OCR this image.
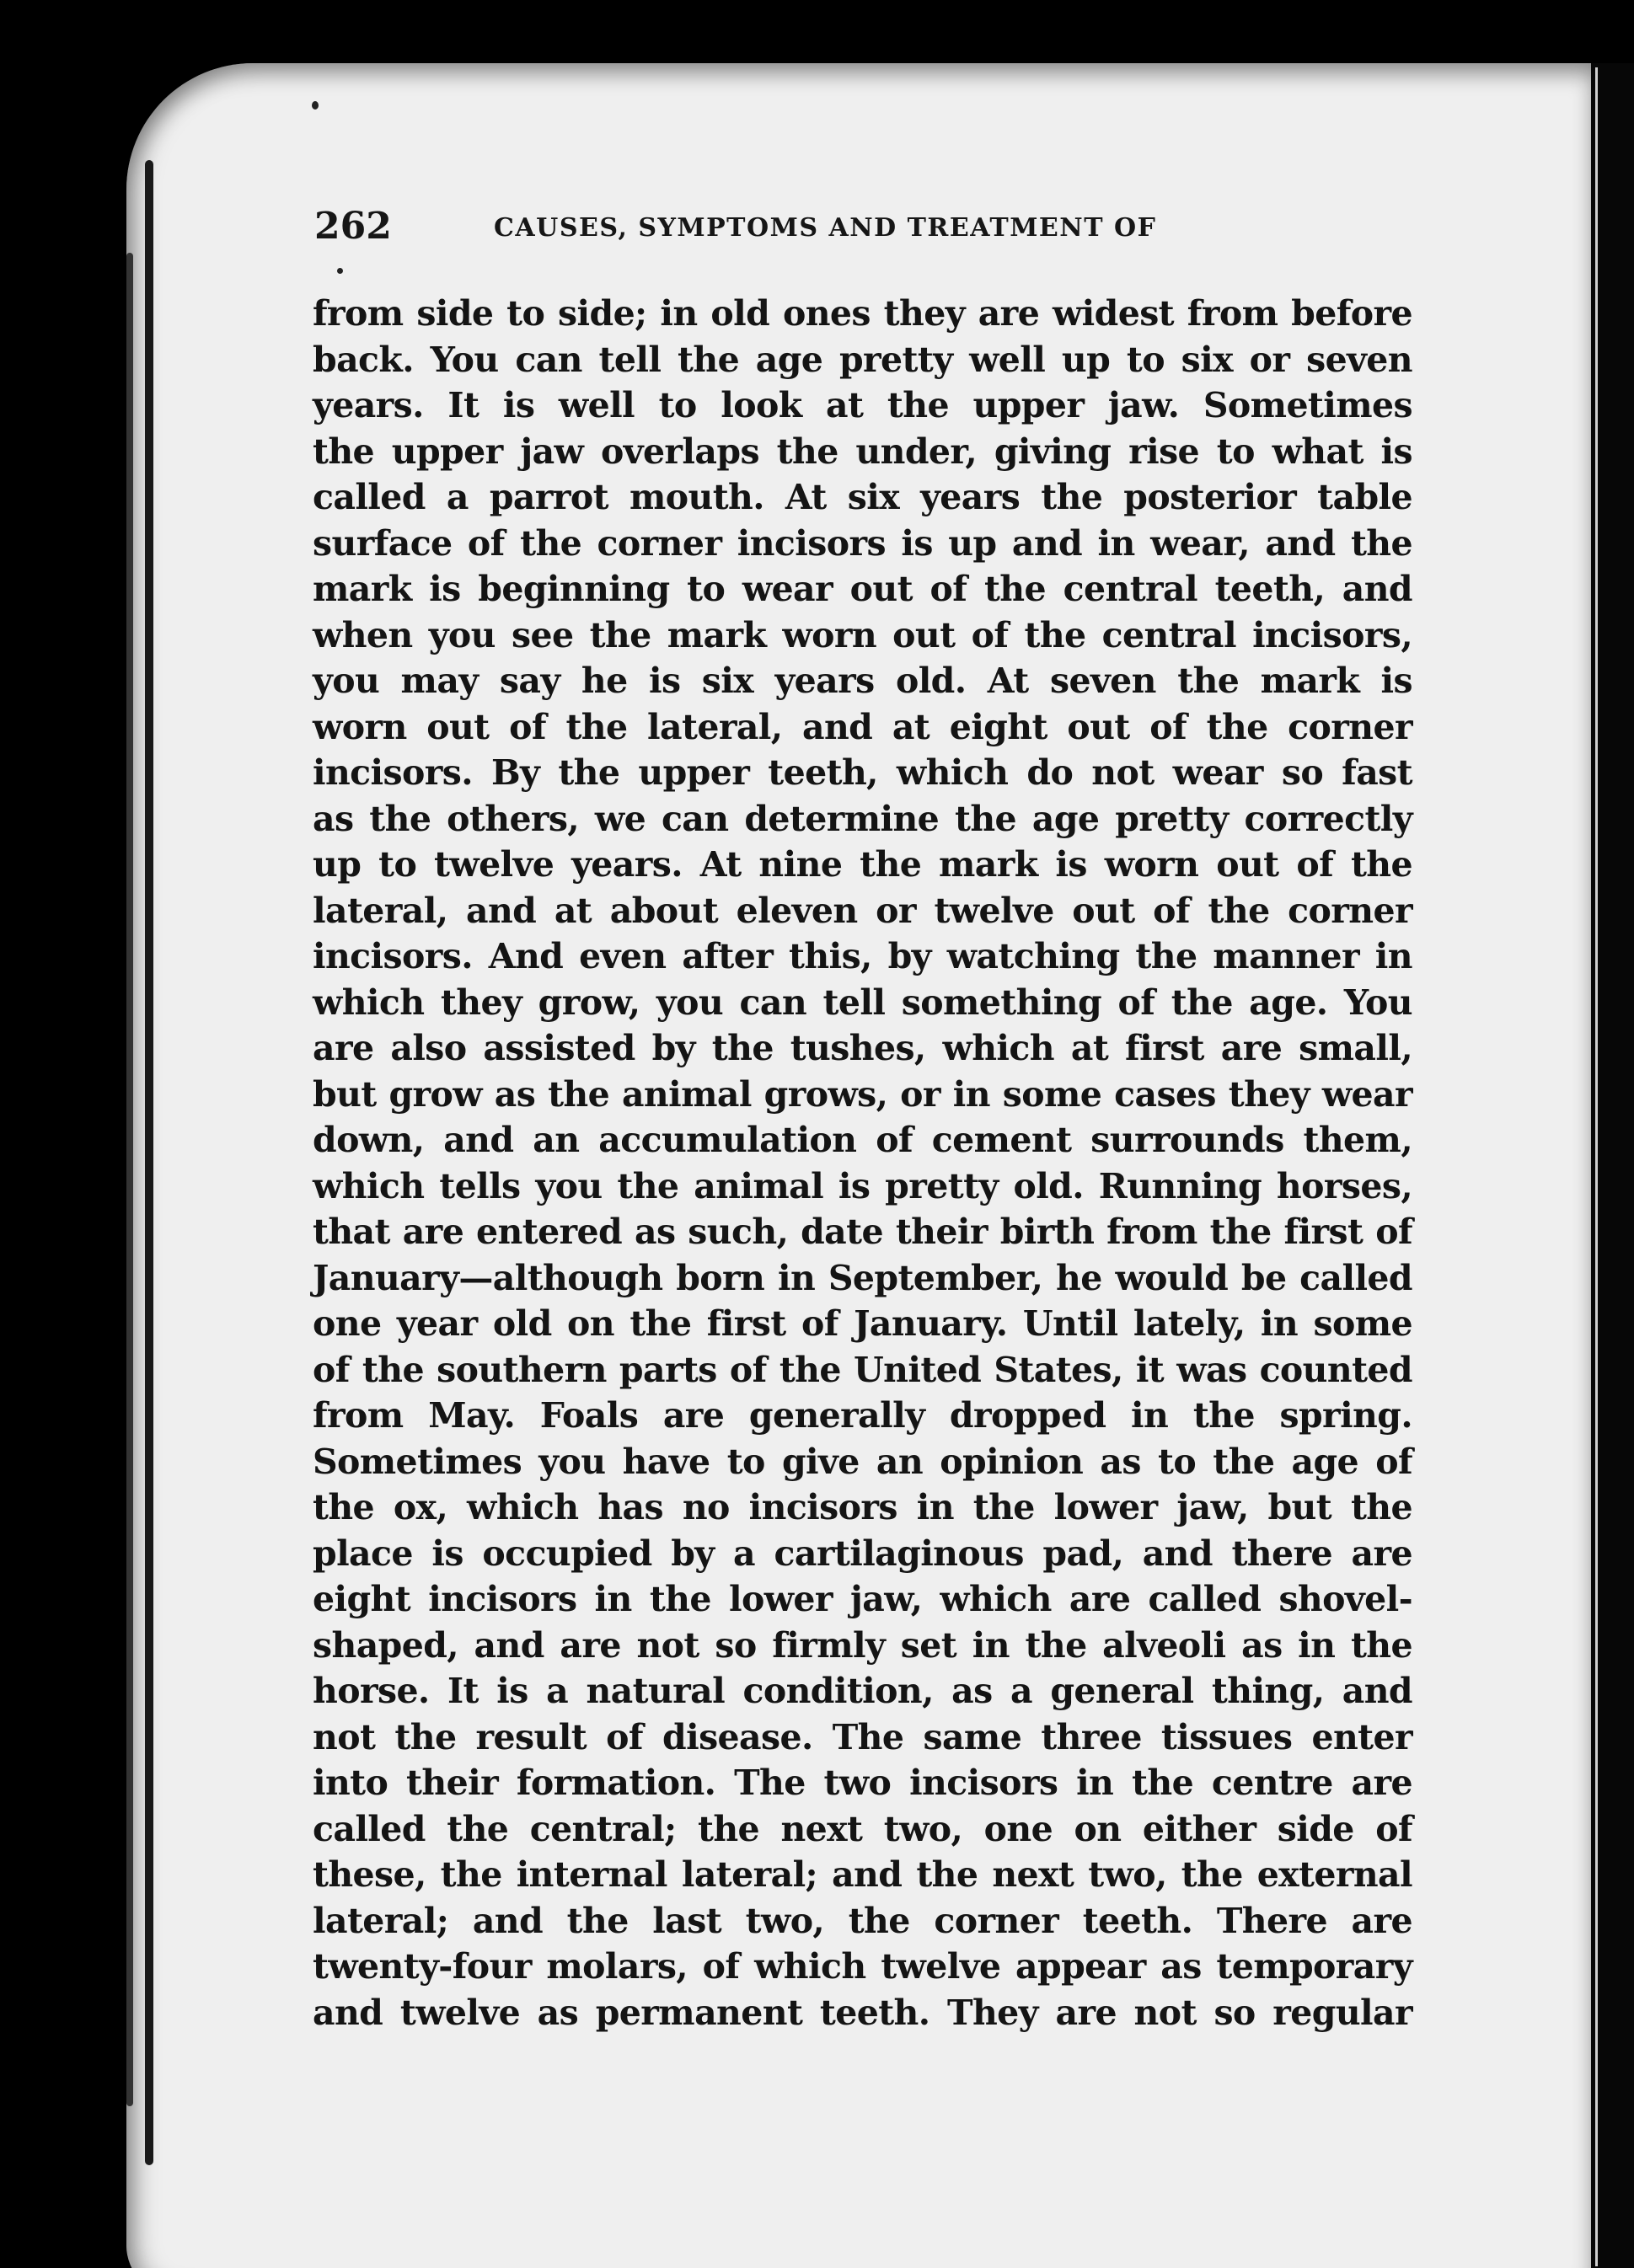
262	CAUSES, SYMPTOMS AND TREATMENT OF
from side to side; in old ones they are widest from before
back. You can tell the age pretty well up to six or seven
years. It is well to look at the upper jaw. Sometimes
the upper jaw overlaps the under, giving rise to what is
called a parrot mouth. At six years the posterior table
surface of the corner incisors is up and in wear, and the
mark is beginning to wear out of the central teeth, and
when you see the mark worn out of the central incisors,
you may say he is six years old. At seven the mark is
worn out of the lateral, and at eight out of the corner
incisors. By the upper teeth, which do not wear so fast
as the others, we can determine the age pretty correctly
up to twelve years. At nine the mark is worn out of the
lateral, and at about eleven or twelve out of the corner
incisors. And even after this, by watching the manner in
which they grow, you can tell something of the age. You
are also assisted by the tushes, which at first are small,
but grow as the animal grows, or in some cases they wear
down, and an accumulation of cement surrounds them,
which tells you the animal is pretty old. Running horses,
that are entered as such, date their birth from the first of
January—although born in September, he would be called
one year old on the first of January. Until lately, in some
of the southern parts of the United States, it was counted
from May. Foals are generally dropped in the spring.
Sometimes you have to give an opinion as to the age of
the ox, which has no incisors in the lower jaw, but the
place is occupied by a cartilaginous pad, and there are
eight incisors in the lower jaw, which are called shovel-
shaped, and are not so firmly set in the alveoli as in the
horse. It is a natural condition, as a general thing, and
not the result of disease. The same three tissues enter
into their formation. The two incisors in the centre are
called the central; the next two, one on either side of
these, the internal lateral; and the next two, the external
lateral; and the last two, the corner teeth. There are
twenty-four molars, of which twelve appear as temporary
and twelve as permanent teeth. They are not so regular
